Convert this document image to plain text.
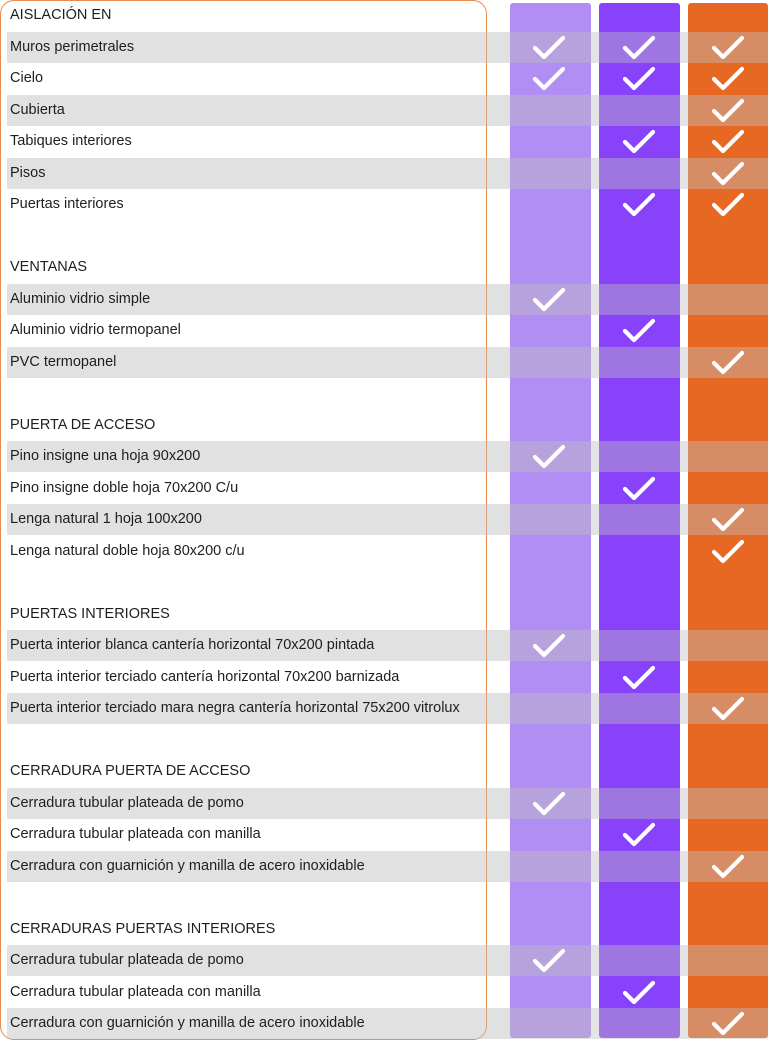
AISLACIÓN EN
Muros perimetrales
Cielo
Cubierta
Tabiques interiores
Pisos
Puertas interiores
VENTANAS
Aluminio vidrio simple
Aluminio vidrio termopanel
PVC termopanel
PUERTA DE ACCESO
Pino insigne una hoja 90x200
Pino insigne doble hoja 70x200 C/u
Lenga natural 1 hoja 100x200
Lenga natural doble hoja 80x200 c/u
PUERTAS INTERIORES
Puerta interior blanca cantería horizontal 70x200 pintada
Puerta interior terciado cantería horizontal 70x200 barnizada
Puerta interior terciado mara negra cantería horizontal 75x200 vitrolux
CERRADURA PUERTA DE ACCESO
Cerradura tubular plateada de pomo
Cerradura tubular plateada con manilla
Cerradura con guarnición y manilla de acero inoxidable
CERRADURAS PUERTAS INTERIORES
Cerradura tubular plateada de pomo
Cerradura tubular plateada con manilla
Cerradura con guarnición y manilla de acero inoxidable
